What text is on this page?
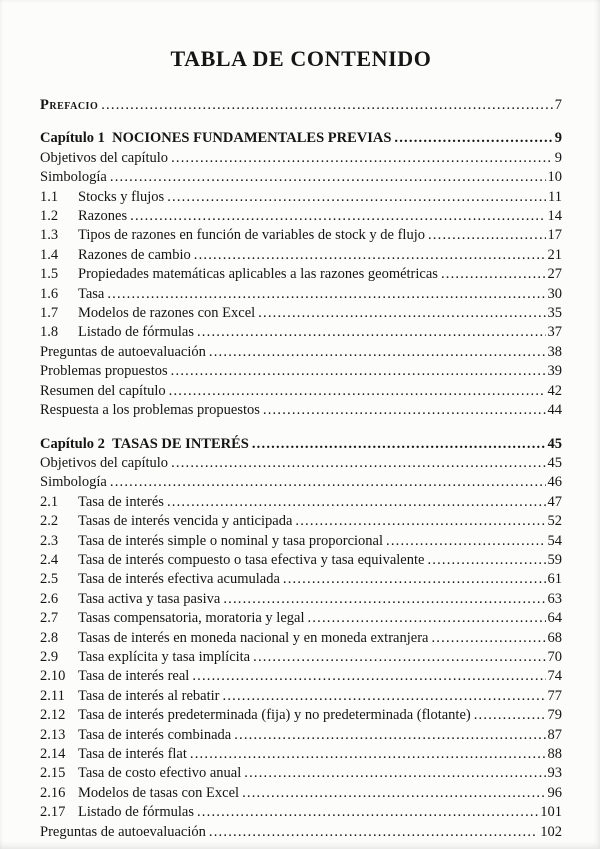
TABLA DE CONTENIDO
Prefacio .....	7
Capítulo 1  NOCIONES FUNDAMENTALES PREVIAS .....	9
Objetivos del capítulo .....	9
Simbología .....	10
1.1	Stocks y flujos .....	11
1.2	Razones .....	14
1.3	Tipos de razones en función de variables de stock y de flujo .....	17
1.4	Razones de cambio .....	21
1.5	Propiedades matemáticas aplicables a las razones geométricas .....	27
1.6	Tasa .....	30
1.7	Modelos de razones con Excel .....	35
1.8	Listado de fórmulas .....	37
Preguntas de autoevaluación .....	38
Problemas propuestos .....	39
Resumen del capítulo .....	42
Respuesta a los problemas propuestos .....	44
Capítulo 2  TASAS DE INTERÉS .....	45
Objetivos del capítulo .....	45
Simbología .....	46
2.1	Tasa de interés .....	47
2.2	Tasas de interés vencida y anticipada .....	52
2.3	Tasa de interés simple o nominal y tasa proporcional .....	54
2.4	Tasa de interés compuesto o tasa efectiva y tasa equivalente .....	59
2.5	Tasa de interés efectiva acumulada .....	61
2.6	Tasa activa y tasa pasiva .....	63
2.7	Tasas compensatoria, moratoria y legal .....	64
2.8	Tasas de interés en moneda nacional y en moneda extranjera .....	68
2.9	Tasa explícita y tasa implícita .....	70
2.10 Tasa de interés real .....	74
2.11 Tasa de interés al rebatir .....	77
2.12 Tasa de interés predeterminada (fija) y no predeterminada (flotante) .....	79
2.13 Tasa de interés combinada .....	87
2.14 Tasa de interés flat .....	88
2.15 Tasa de costo efectivo anual .....	93
2.16 Modelos de tasas con Excel .....	96
2.17 Listado de fórmulas .....	101
Preguntas de autoevaluación .....	102
